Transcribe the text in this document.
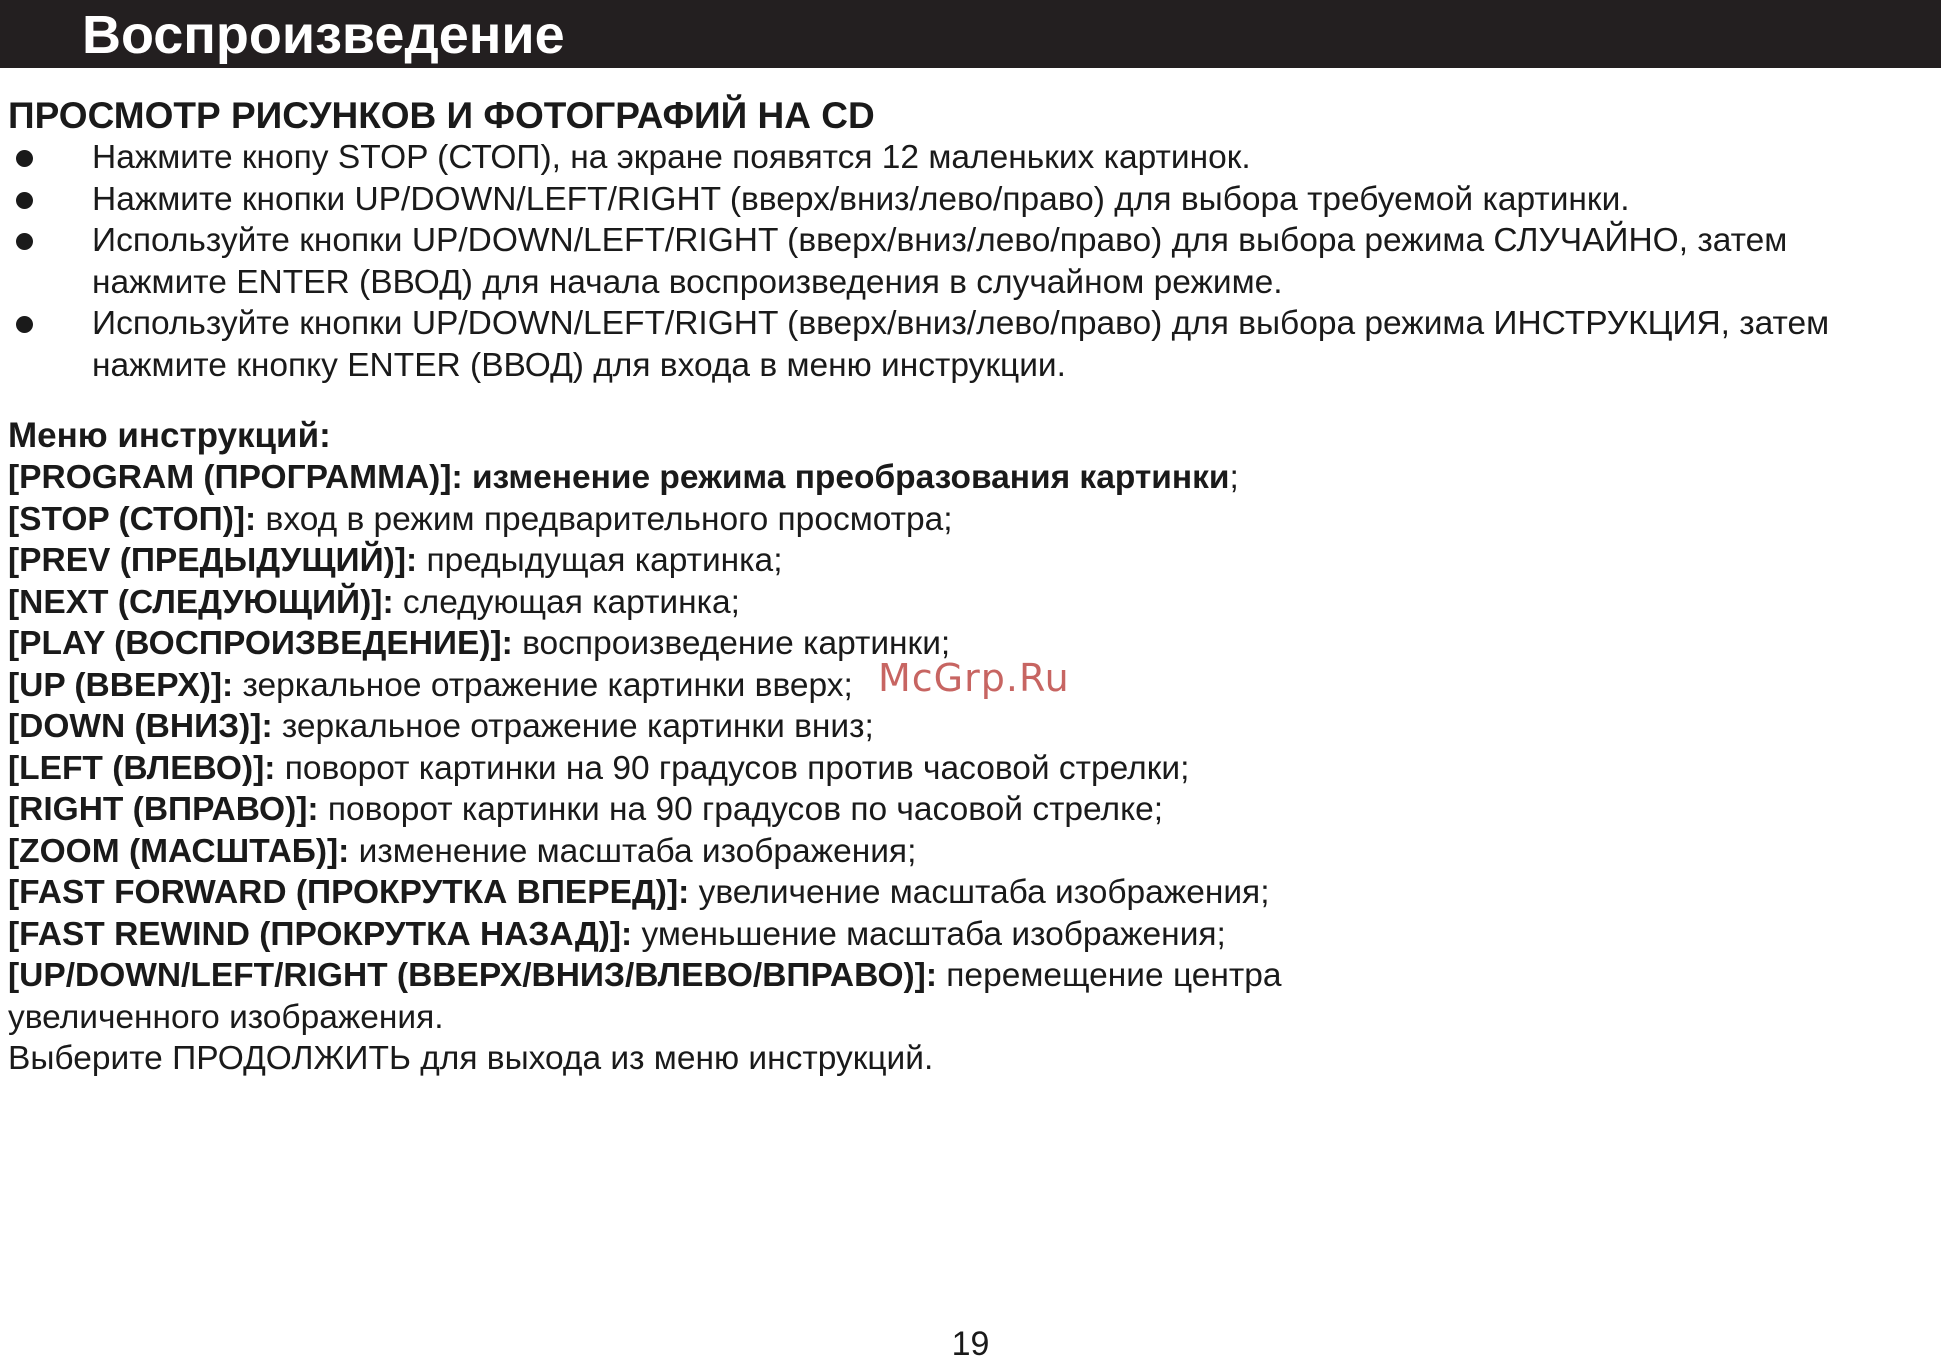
Воспроизведение
ПРОСМОТР РИСУНКОВ И ФОТОГРАФИЙ НА CD
Нажмите кнопу STOP (СТОП), на экране появятся 12 маленьких картинок.
Нажмите кнопки UP/DOWN/LEFT/RIGHT (вверх/вниз/лево/право) для выбора требуемой картинки.
Используйте кнопки UP/DOWN/LEFT/RIGHT (вверх/вниз/лево/право) для выбора режима СЛУЧАЙНО, затем нажмите ENTER (ВВОД) для начала воспроизведения в случайном режиме.
Используйте кнопки UP/DOWN/LEFT/RIGHT (вверх/вниз/лево/право) для выбора режима ИНСТРУКЦИЯ, затем нажмите кнопку ENTER (ВВОД) для входа в меню инструкции.
Меню инструкций:
[PROGRAM (ПРОГРАММА)]: изменение режима преобразования картинки;
[STOP (СТОП)]: вход в режим предварительного просмотра;
[PREV (ПРЕДЫДУЩИЙ)]: предыдущая картинка;
[NEXT (СЛЕДУЮЩИЙ)]: следующая картинка;
[PLAY (ВОСПРОИЗВЕДЕНИЕ)]: воспроизведение картинки;
[UP (ВВЕРХ)]: зеркальное отражение картинки вверх;
[DOWN (ВНИЗ)]: зеркальное отражение картинки вниз;
[LEFT (ВЛЕВО)]: поворот картинки на 90 градусов против часовой стрелки;
[RIGHT (ВПРАВО)]: поворот картинки на 90 градусов по часовой стрелке;
[ZOOM (МАСШТАБ)]: изменение масштаба изображения;
[FAST FORWARD (ПРОКРУТКА ВПЕРЕД)]: увеличение масштаба изображения;
[FAST REWIND (ПРОКРУТКА НАЗАД)]: уменьшение масштаба изображения;
[UP/DOWN/LEFT/RIGHT (ВВЕРХ/ВНИЗ/ВЛЕВО/ВПРАВО)]: перемещение центра
увеличенного изображения.
Выберите ПРОДОЛЖИТЬ для выхода из меню инструкций.
McGrp.Ru
19
